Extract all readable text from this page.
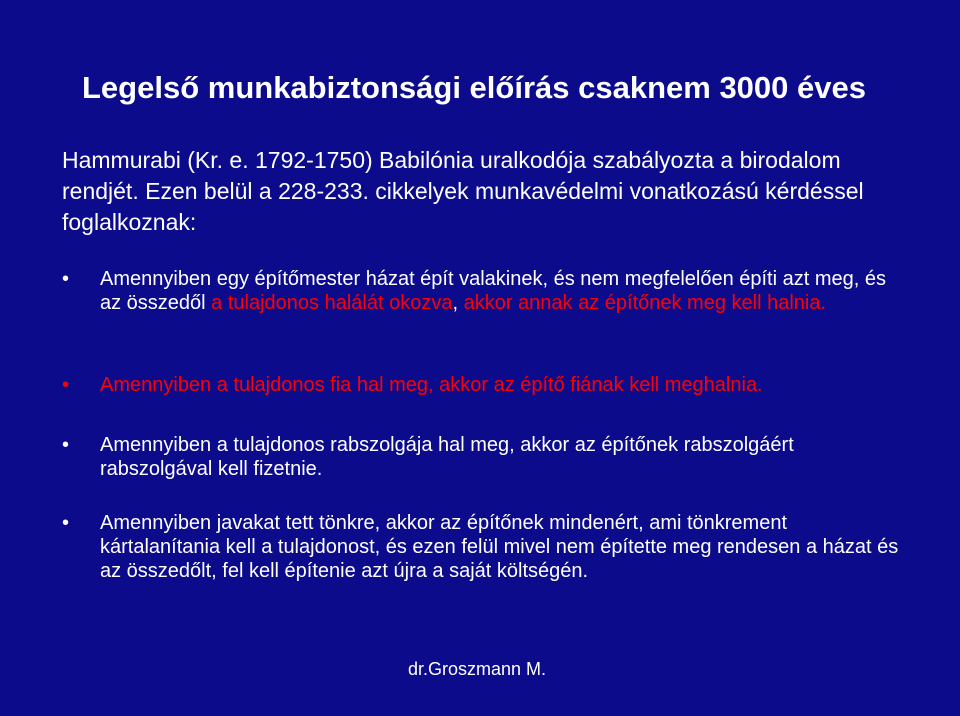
Legelső munkabiztonsági előírás csaknem 3000 éves
Hammurabi (Kr. e. 1792-1750) Babilónia uralkodója szabályozta a birodalom rendjét. Ezen belül a 228-233. cikkelyek munkavédelmi vonatkozású kérdéssel foglalkoznak:
•	Amennyiben egy építőmester házat épít valakinek, és nem megfelelően építi azt meg, és az összedől a tulajdonos halálát okozva, akkor annak az építőnek meg kell halnia.
•	Amennyiben a tulajdonos fia hal meg, akkor az építő fiának kell meghalnia.
•	Amennyiben a tulajdonos rabszolgája hal meg, akkor az építőnek rabszolgáért rabszolgával kell fizetnie.
•	Amennyiben javakat tett tönkre, akkor az építőnek mindenért, ami tönkrement kártalanítania kell a tulajdonost, és ezen felül mivel nem építette meg rendesen a házat és az összedőlt, fel kell építenie azt újra a saját költségén.
dr.Groszmann M.
